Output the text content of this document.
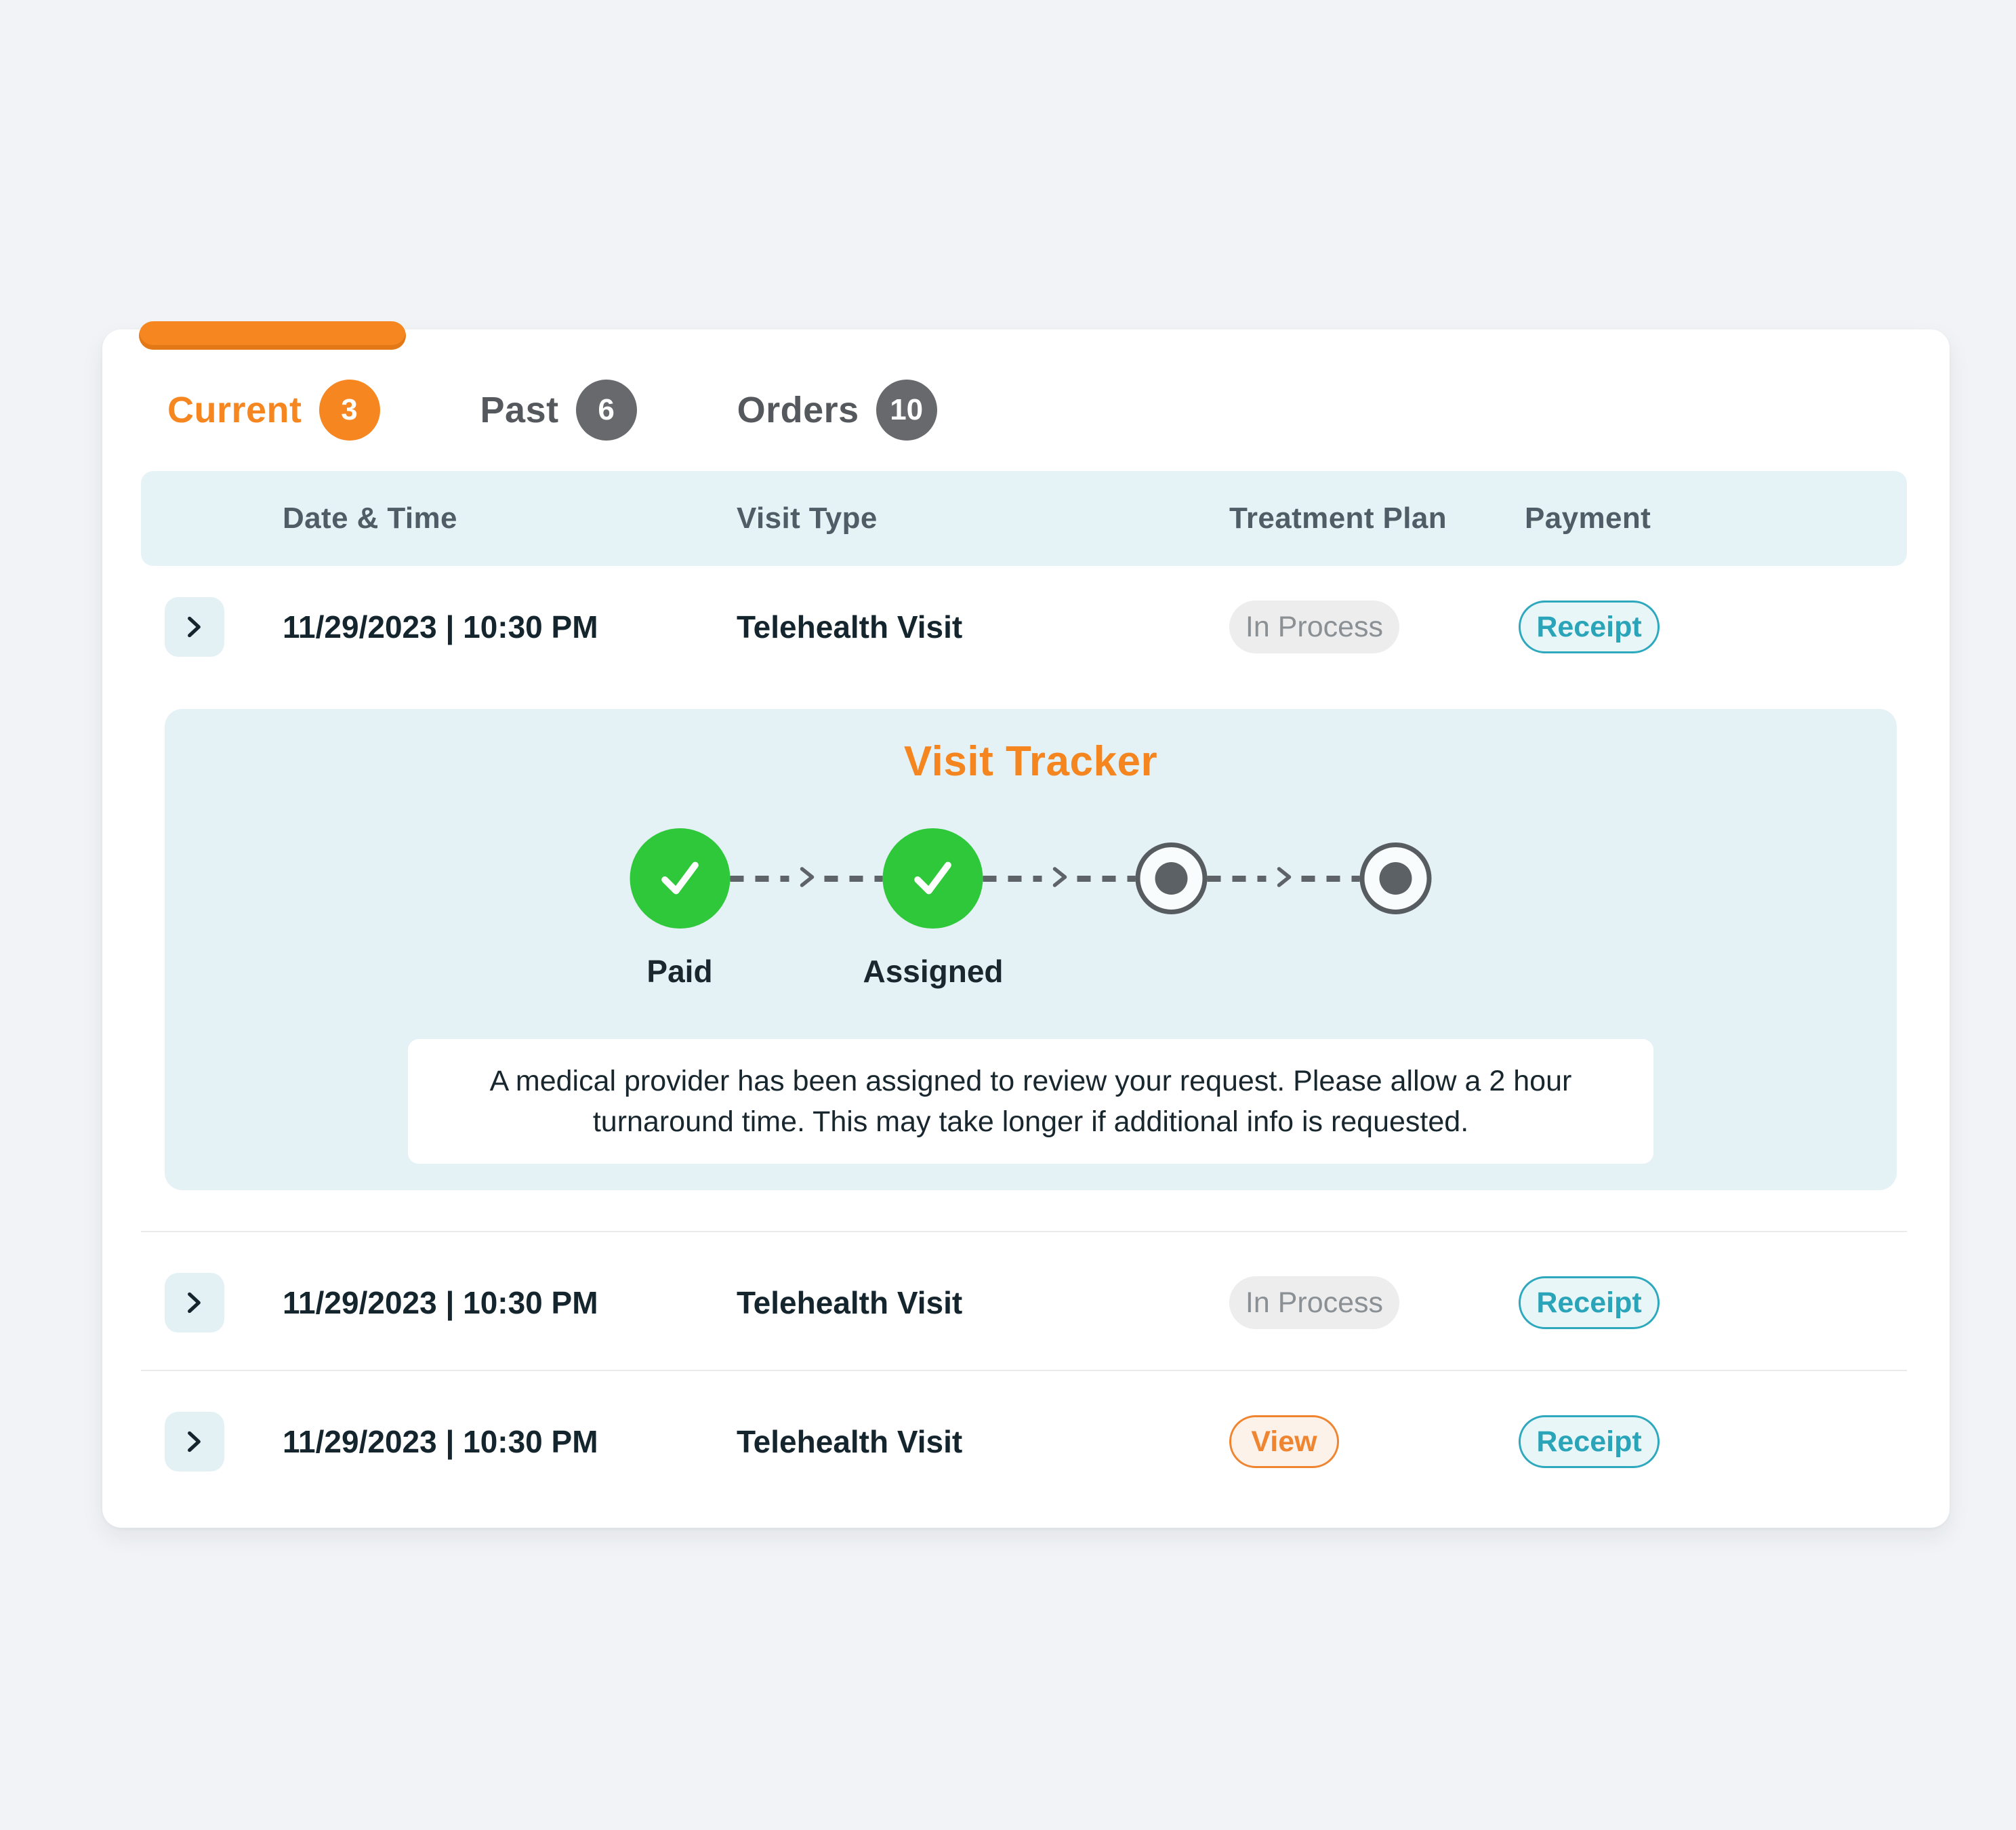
Current	3	Past	6	Orders	10
Date & Time	Visit Type	Treatment Plan	Payment
11/29/2023 | 10:30 PM	Telehealth Visit	In Process	Receipt
Visit Tracker
Paid	Assigned
A medical provider has been assigned to review your request. Please allow a 2 hour turnaround time. This may take longer if additional info is requested.
11/29/2023 | 10:30 PM	Telehealth Visit	In Process	Receipt
11/29/2023 | 10:30 PM	Telehealth Visit	View	Receipt
